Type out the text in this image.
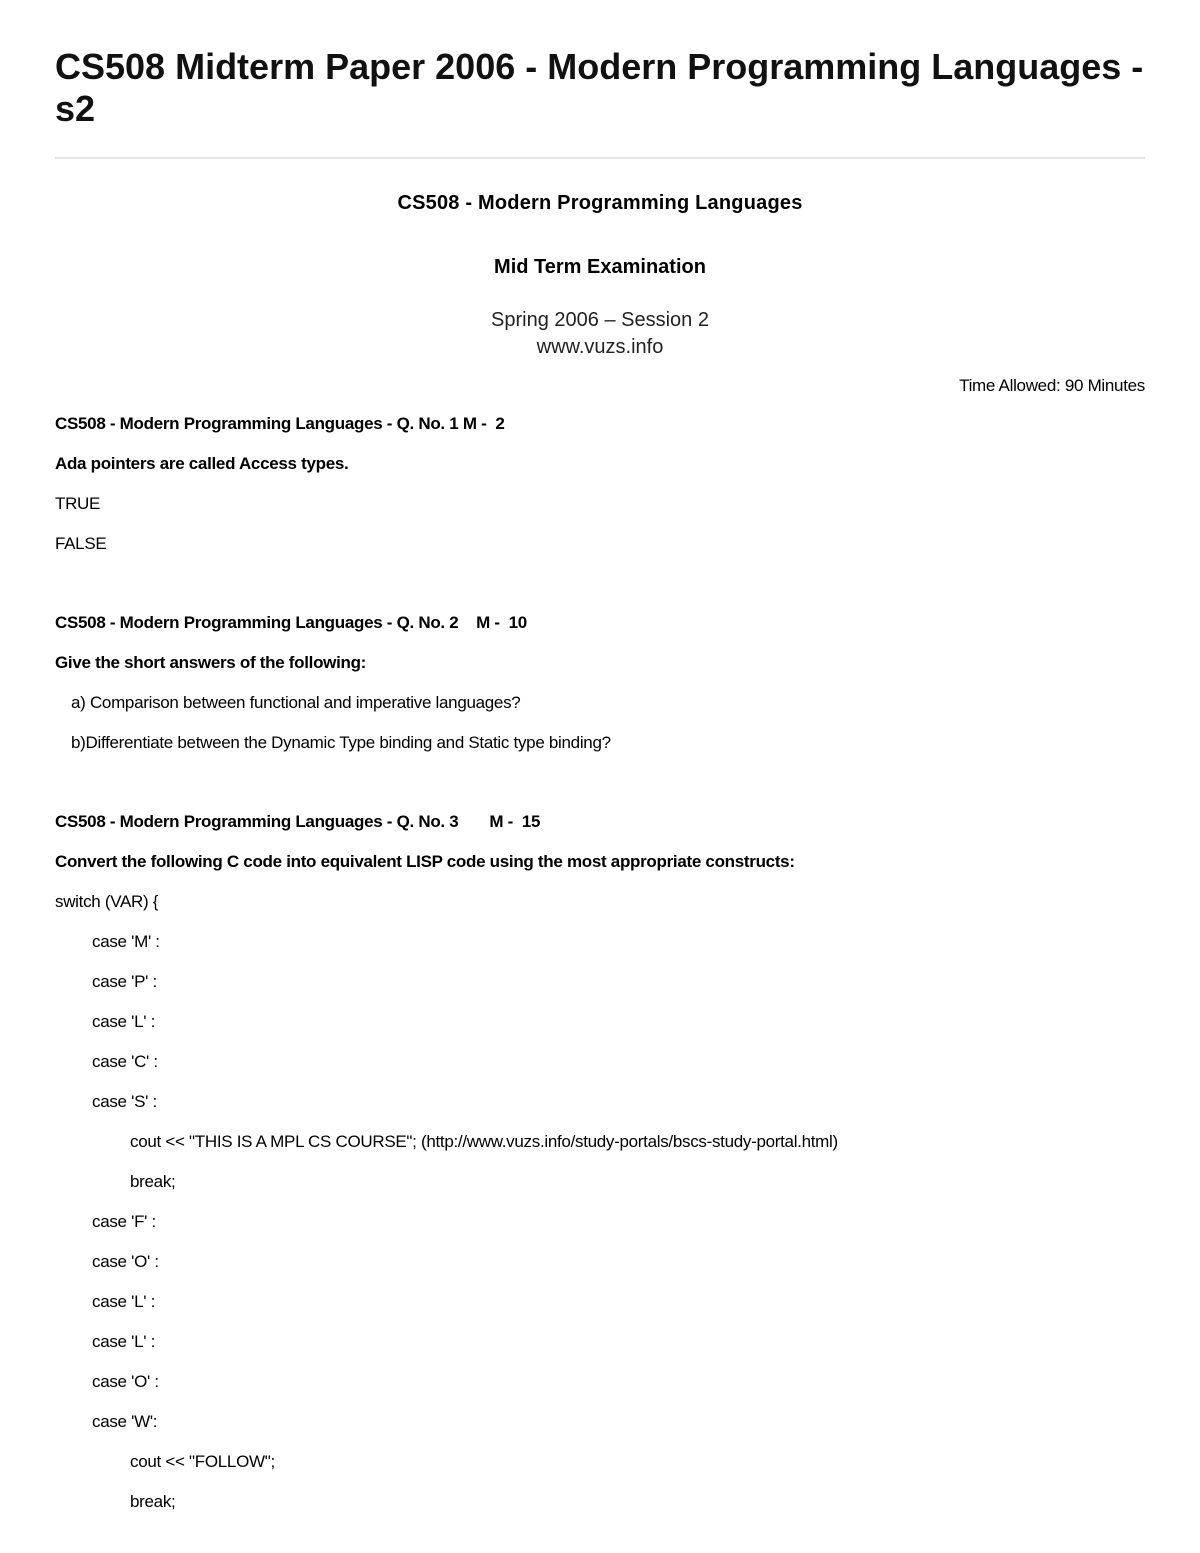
CS508 Midterm Paper 2006 - Modern Programming Languages - s2
CS508 - Modern Programming Languages
Mid Term Examination
Spring 2006 – Session 2
www.vuzs.info
Time Allowed: 90 Minutes
CS508 - Modern Programming Languages - Q. No. 1 M -  2
Ada pointers are called Access types.
TRUE
FALSE
CS508 - Modern Programming Languages - Q. No. 2    M -  10
Give the short answers of the following:
a) Comparison between functional and imperative languages?
b)Differentiate between the Dynamic Type binding and Static type binding?
CS508 - Modern Programming Languages - Q. No. 3       M -  15
Convert the following C code into equivalent LISP code using the most appropriate constructs:
switch (VAR) {
case 'M' :
case 'P' :
case 'L' :
case 'C' :
case 'S' :
cout << "THIS IS A MPL CS COURSE"; (http://www.vuzs.info/study-portals/bscs-study-portal.html)
break;
case 'F' :
case 'O' :
case 'L' :
case 'L' :
case 'O' :
case 'W':
cout << "FOLLOW";
break;
